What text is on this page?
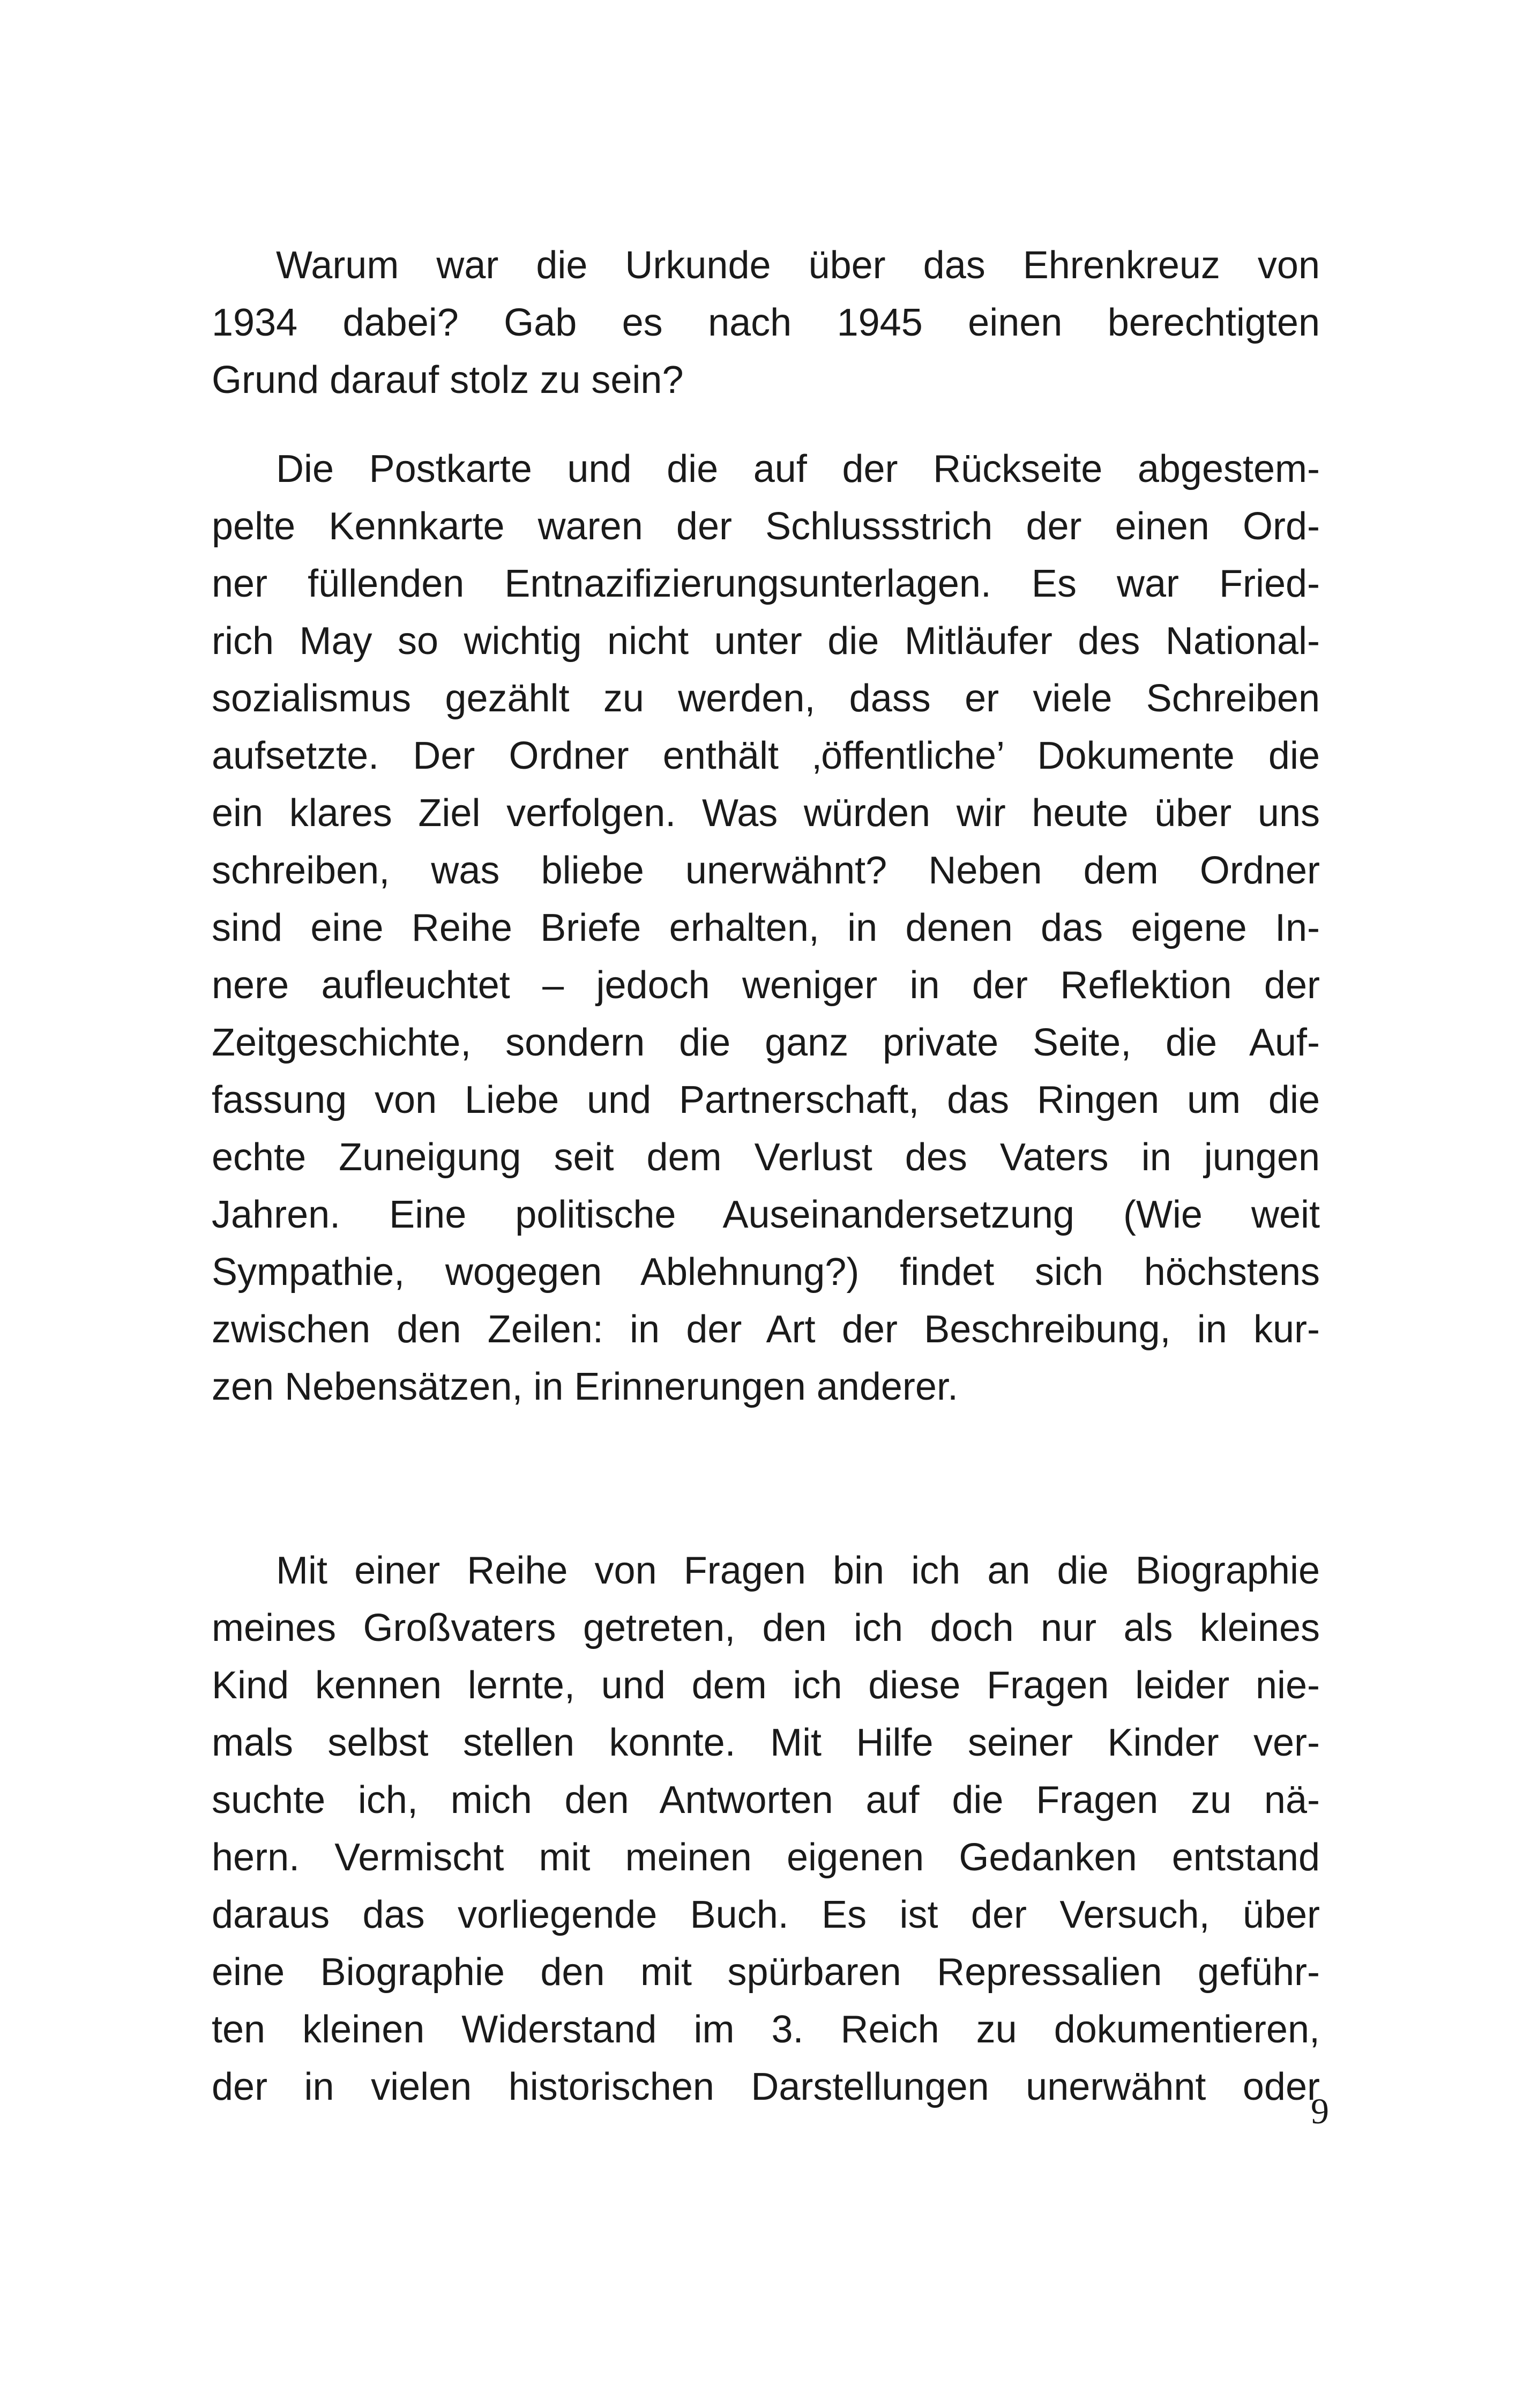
Warum war die Urkunde über das Ehrenkreuz von
1934 dabei? Gab es nach 1945 einen berechtigten
Grund darauf stolz zu sein?
Die Postkarte und die auf der Rückseite abgestem-
pelte Kennkarte waren der Schlussstrich der einen Ord-
ner füllenden Entnazifizierungsunterlagen. Es war Fried-
rich May so wichtig nicht unter die Mitläufer des National-
sozialismus gezählt zu werden, dass er viele Schreiben
aufsetzte. Der Ordner enthält ‚öffentliche’ Dokumente die
ein klares Ziel verfolgen. Was würden wir heute über uns
schreiben, was bliebe unerwähnt? Neben dem Ordner
sind eine Reihe Briefe erhalten, in denen das eigene In-
nere aufleuchtet – jedoch weniger in der Reflektion der
Zeitgeschichte, sondern die ganz private Seite, die Auf-
fassung von Liebe und Partnerschaft, das Ringen um die
echte Zuneigung seit dem Verlust des Vaters in jungen
Jahren. Eine politische Auseinandersetzung (Wie weit
Sympathie, wogegen Ablehnung?) findet sich höchstens
zwischen den Zeilen: in der Art der Beschreibung, in kur-
zen Nebensätzen, in Erinnerungen anderer.
Mit einer Reihe von Fragen bin ich an die Biographie
meines Großvaters getreten, den ich doch nur als kleines
Kind kennen lernte, und dem ich diese Fragen leider nie-
mals selbst stellen konnte. Mit Hilfe seiner Kinder ver-
suchte ich, mich den Antworten auf die Fragen zu nä-
hern. Vermischt mit meinen eigenen Gedanken entstand
daraus das vorliegende Buch. Es ist der Versuch, über
eine Biographie den mit spürbaren Repressalien geführ-
ten kleinen Widerstand im 3. Reich zu dokumentieren,
der in vielen historischen Darstellungen unerwähnt oder
9
